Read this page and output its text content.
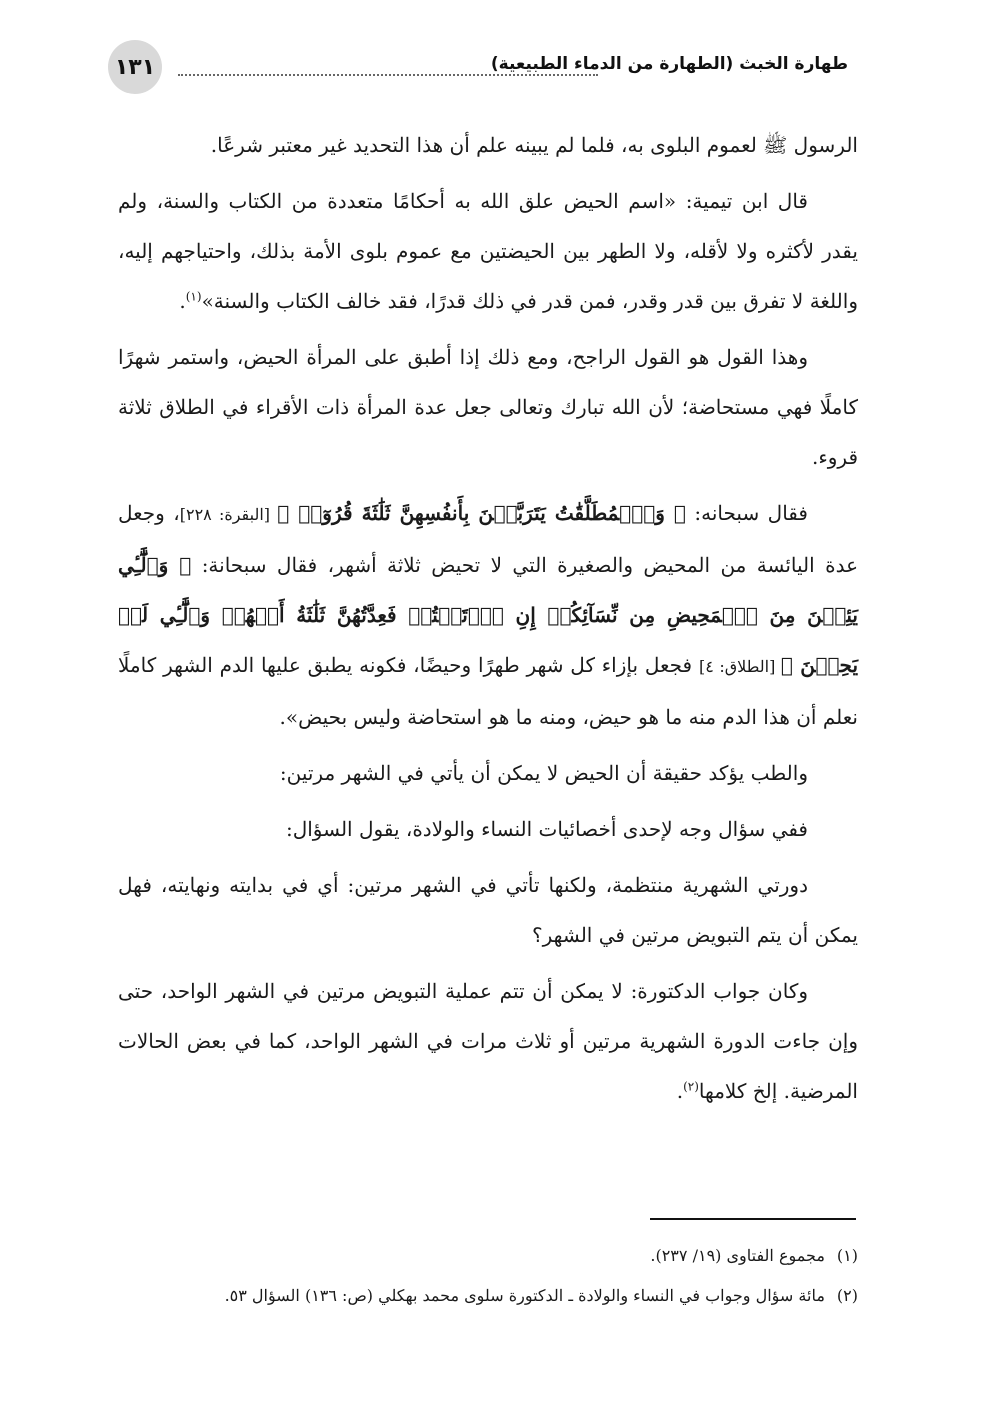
١٣١	طهارة الخبث (الطهارة من الدماء الطبيعية)

الرسول ﷺ لعموم البلوى به، فلما لم يبينه علم أن هذا التحديد غير معتبر شرعًا.

قال ابن تيمية: «اسم الحيض علق الله به أحكامًا متعددة من الكتاب والسنة، ولم يقدر لأكثره ولا لأقله، ولا الطهر بين الحيضتين مع عموم بلوى الأمة بذلك، واحتياجهم إليه، واللغة لا تفرق بين قدر وقدر، فمن قدر في ذلك قدرًا، فقد خالف الكتاب والسنة»$^{(١)}$.

وهذا القول هو القول الراجح، ومع ذلك إذا أطبق على المرأة الحيض، واستمر شهرًا كاملًا فهي مستحاضة؛ لأن الله تبارك وتعالى جعل عدة المرأة ذات الأقراء في الطلاق ثلاثة قروء.

فقال سبحانه: ﴿ وَٱلۡمُطَلَّقَٰتُ يَتَرَبَّصۡنَ بِأَنفُسِهِنَّ ثَلَٰثَةَ قُرُوٓءٖ ﴾ [البقرة: ٢٢٨]، وجعل عدة اليائسة من المحيض والصغيرة التي لا تحيض ثلاثة أشهر، فقال سبحانة: ﴿ وَٱلَّٰٓـِٔي يَئِسۡنَ مِنَ ٱلۡمَحِيضِ مِن نِّسَآئِكُمۡ إِنِ ٱرۡتَبۡتُمۡ فَعِدَّتُهُنَّ ثَلَٰثَةُ أَشۡهُرٖ وَٱلَّٰٓـِٔي لَمۡ يَحِضۡنَ ﴾ [الطلاق: ٤] فجعل بإزاء كل شهر طهرًا وحيضًا، فكونه يطبق عليها الدم الشهر كاملًا نعلم أن هذا الدم منه ما هو حيض، ومنه ما هو استحاضة وليس بحيض».

والطب يؤكد حقيقة أن الحيض لا يمكن أن يأتي في الشهر مرتين:

ففي سؤال وجه لإحدى أخصائيات النساء والولادة، يقول السؤال:

دورتي الشهرية منتظمة، ولكنها تأتي في الشهر مرتين: أي في بدايته ونهايته، فهل يمكن أن يتم التبويض مرتين في الشهر؟

وكان جواب الدكتورة: لا يمكن أن تتم عملية التبويض مرتين في الشهر الواحد، حتى وإن جاءت الدورة الشهرية مرتين أو ثلاث مرات في الشهر الواحد، كما في بعض الحالات المرضية. إلخ كلامها$^{(٢)}$.

(١)مجموع الفتاوى (١٩/ ٢٣٧).

(٢)مائة سؤال وجواب في النساء والولادة ـ الدكتورة سلوى محمد بهكلي (ص: ١٣٦) السؤال ٥٣.
